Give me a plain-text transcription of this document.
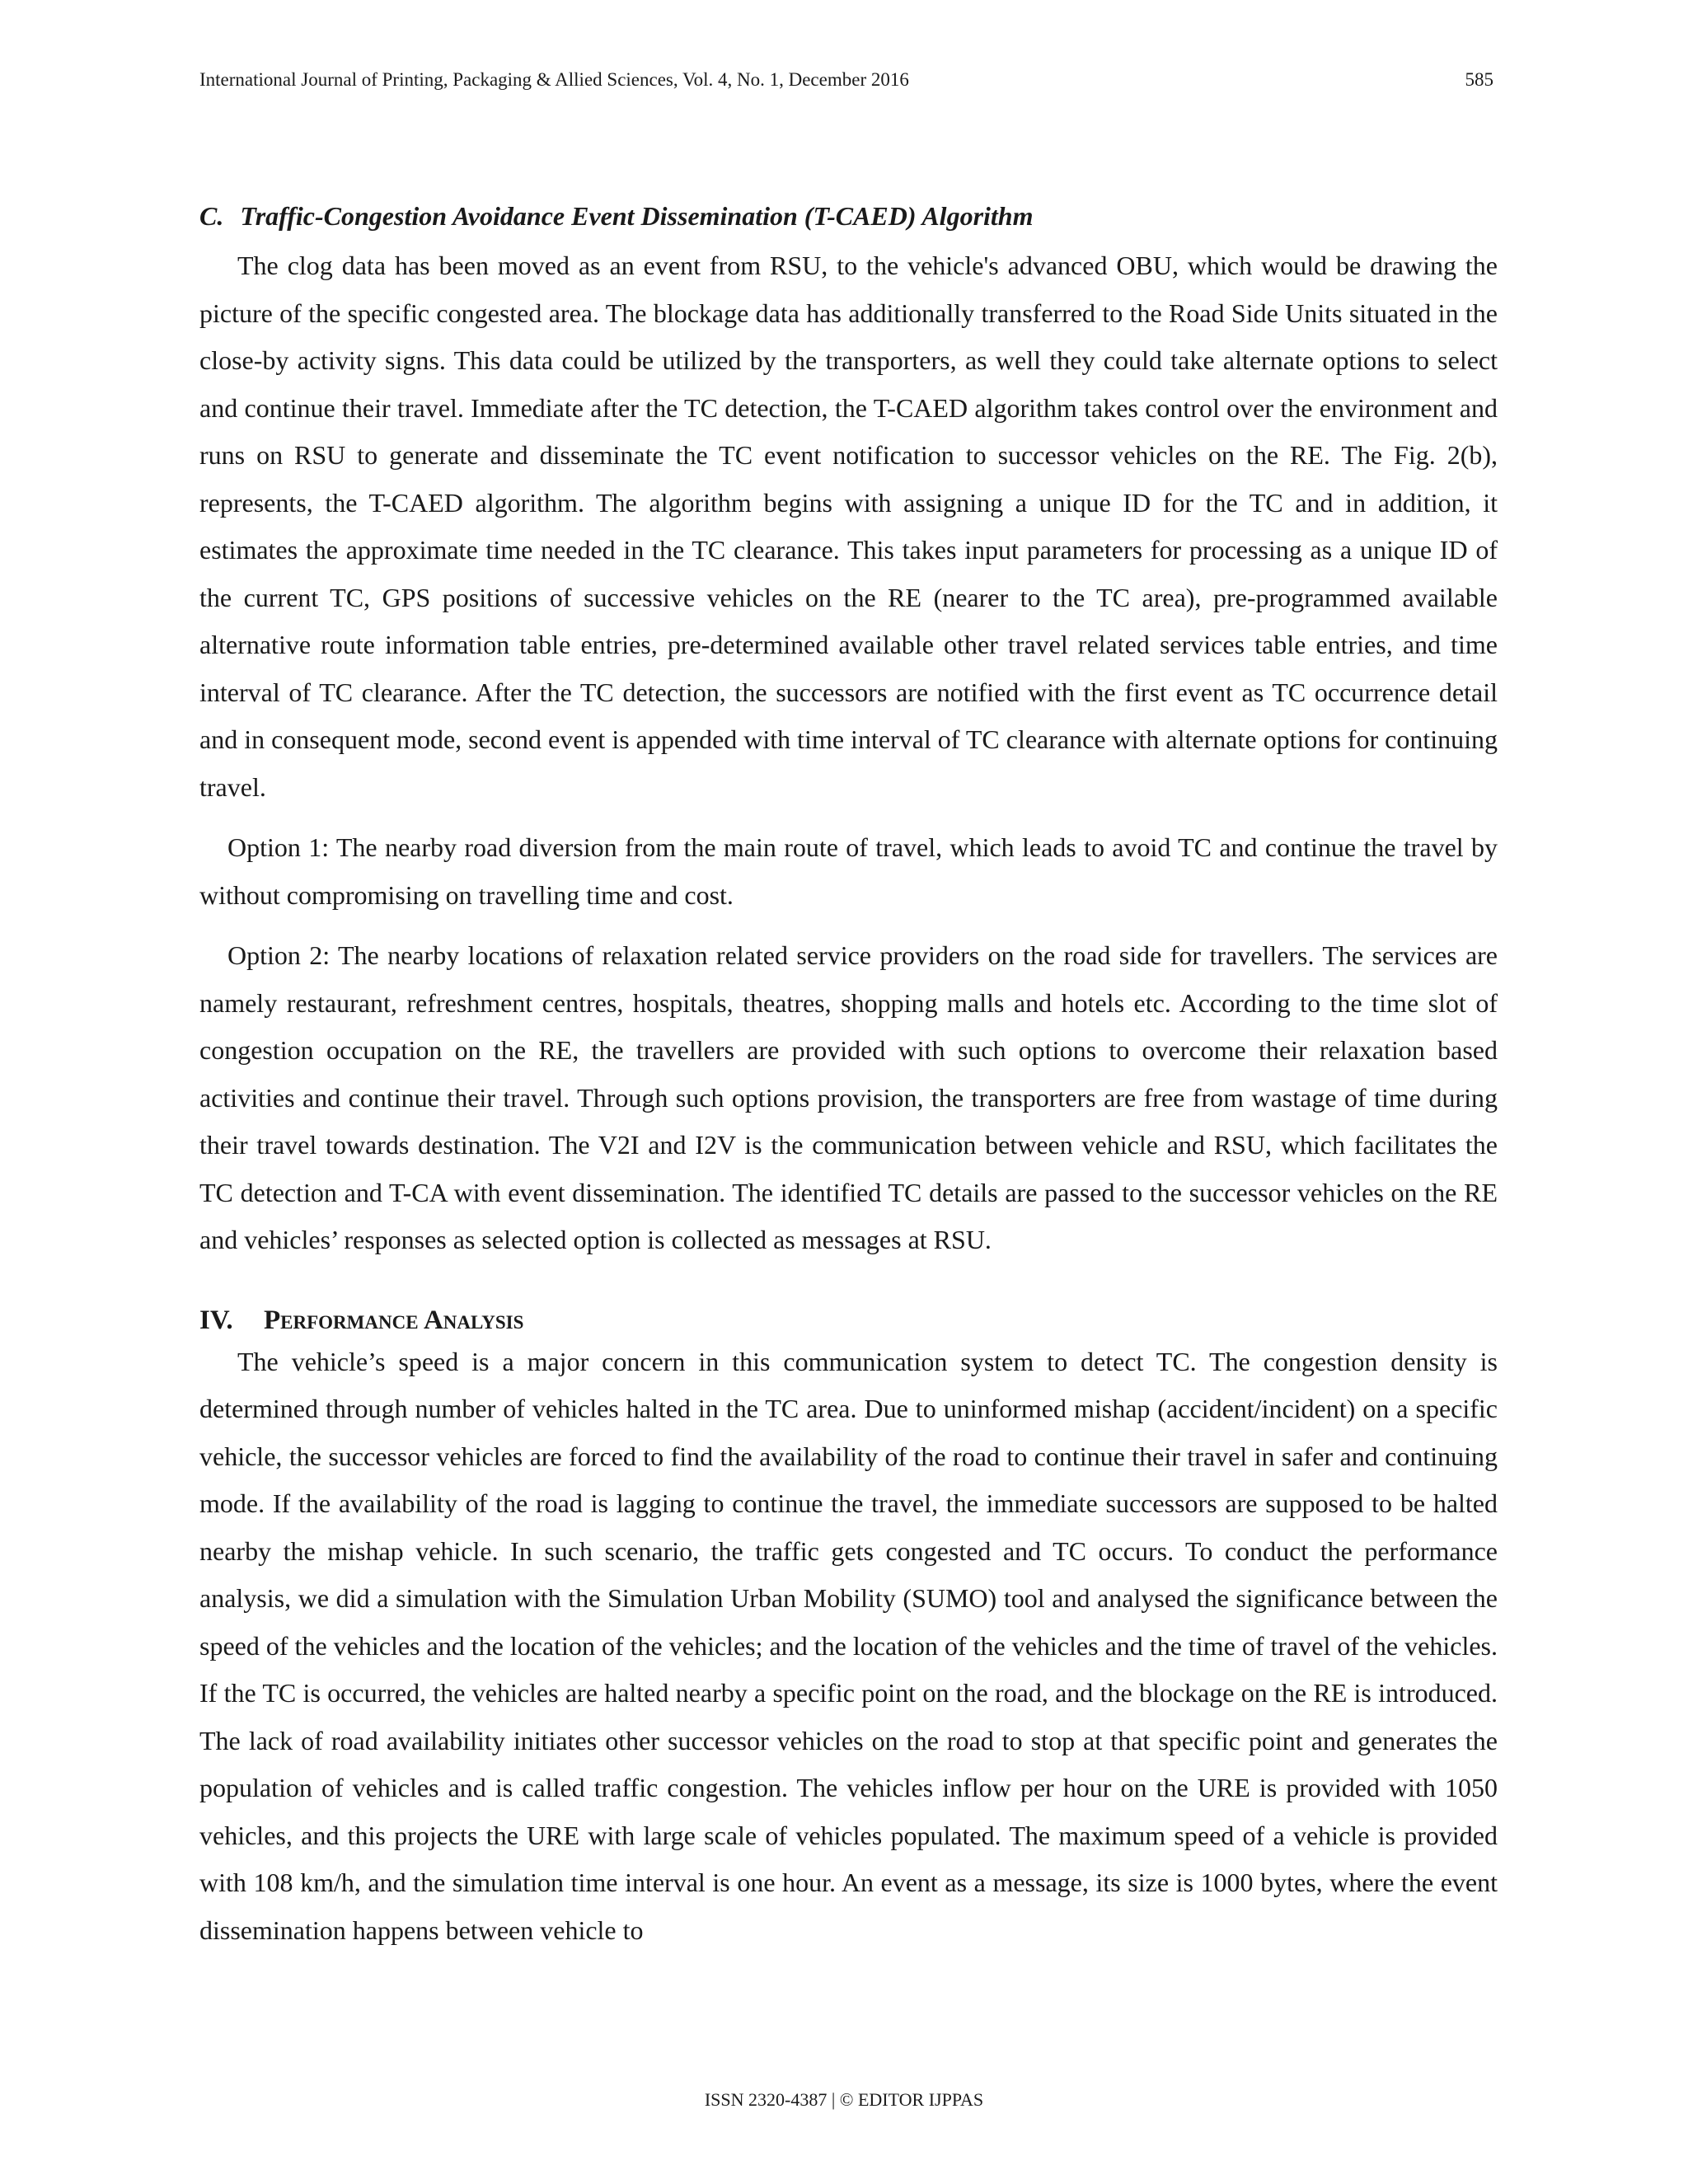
International Journal of Printing, Packaging & Allied Sciences, Vol. 4, No. 1, December 2016	585
C. Traffic-Congestion Avoidance Event Dissemination (T-CAED) Algorithm

The clog data has been moved as an event from RSU, to the vehicle's advanced OBU, which would be drawing the picture of the specific congested area. The blockage data has additionally transferred to the Road Side Units situated in the close-by activity signs. This data could be utilized by the transporters, as well they could take alternate options to select and continue their travel. Immediate after the TC detection, the T-CAED algorithm takes control over the environment and runs on RSU to generate and disseminate the TC event notification to successor vehicles on the RE. The Fig. 2(b), represents, the T-CAED algorithm. The algorithm begins with assigning a unique ID for the TC and in addition, it estimates the approximate time needed in the TC clearance. This takes input parameters for processing as a unique ID of the current TC, GPS positions of successive vehicles on the RE (nearer to the TC area), pre-programmed available alternative route information table entries, pre-determined available other travel related services table entries, and time interval of TC clearance. After the TC detection, the successors are notified with the first event as TC occurrence detail and in consequent mode, second event is appended with time interval of TC clearance with alternate options for continuing travel.

Option 1: The nearby road diversion from the main route of travel, which leads to avoid TC and continue the travel by without compromising on travelling time and cost.

Option 2: The nearby locations of relaxation related service providers on the road side for travellers. The services are namely restaurant, refreshment centres, hospitals, theatres, shopping malls and hotels etc. According to the time slot of congestion occupation on the RE, the travellers are provided with such options to overcome their relaxation based activities and continue their travel. Through such options provision, the transporters are free from wastage of time during their travel towards destination. The V2I and I2V is the communication between vehicle and RSU, which facilitates the TC detection and T-CA with event dissemination. The identified TC details are passed to the successor vehicles on the RE and vehicles’ responses as selected option is collected as messages at RSU.

IV. Performance Analysis

The vehicle’s speed is a major concern in this communication system to detect TC. The congestion density is determined through number of vehicles halted in the TC area. Due to uninformed mishap (accident/incident) on a specific vehicle, the successor vehicles are forced to find the availability of the road to continue their travel in safer and continuing mode. If the availability of the road is lagging to continue the travel, the immediate successors are supposed to be halted nearby the mishap vehicle. In such scenario, the traffic gets congested and TC occurs. To conduct the performance analysis, we did a simulation with the Simulation Urban Mobility (SUMO) tool and analysed the significance between the speed of the vehicles and the location of the vehicles; and the location of the vehicles and the time of travel of the vehicles. If the TC is occurred, the vehicles are halted nearby a specific point on the road, and the blockage on the RE is introduced. The lack of road availability initiates other successor vehicles on the road to stop at that specific point and generates the population of vehicles and is called traffic congestion. The vehicles inflow per hour on the URE is provided with 1050 vehicles, and this projects the URE with large scale of vehicles populated. The maximum speed of a vehicle is provided with 108 km/h, and the simulation time interval is one hour. An event as a message, its size is 1000 bytes, where the event dissemination happens between vehicle to

ISSN 2320-4387 | © EDITOR IJPPAS
